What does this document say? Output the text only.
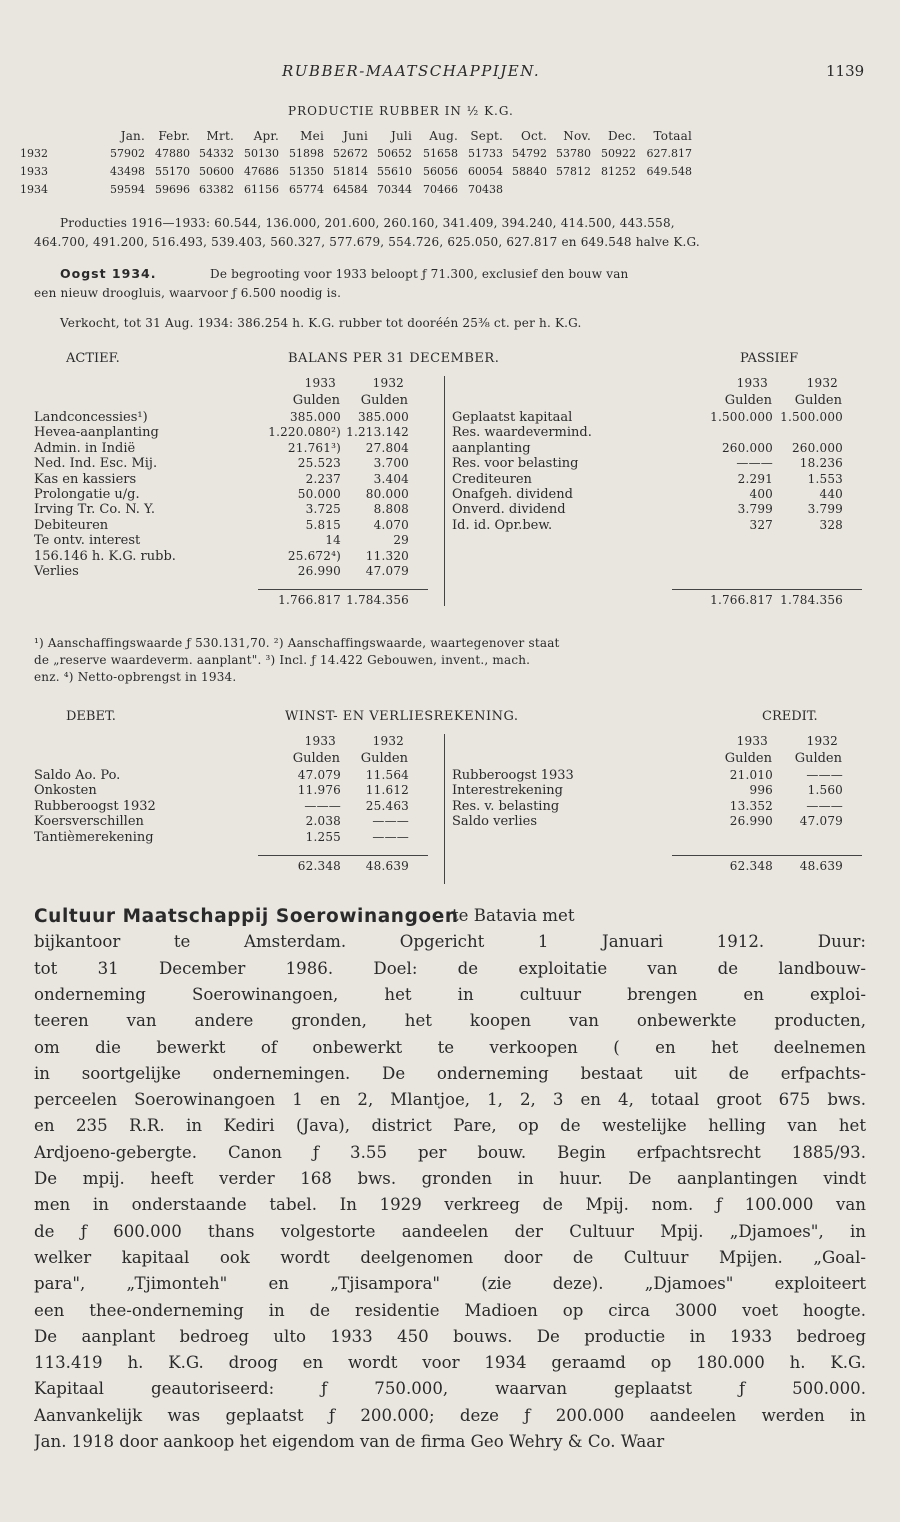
RUBBER-MAATSCHAPPIJEN.	1139
PRODUCTIE RUBBER IN ½ K.G.
Jan.	Febr.	Mrt.	Apr.	Mei	Juni	Juli	Aug.	Sept.	Oct.	Nov.	Dec.	Totaal
1932	57902 47880 54332 50130 51898 52672 50652	51658 51733 54792 53780 50922 627.817
1933	43498 55170 50600 47686 51350 51814 55610	56056 60054 58840 57812 81252 649.548
1934	59594 59696 63382 61156 65774 64584 70344	70466 70438
Producties 1916—1933: 60.544, 136.000, 201.600, 260.160, 341.409, 394.240, 414.500, 443.558,
464.700, 491.200, 516.493, 539.403, 560.327, 577.679, 554.726, 625.050, 627.817 en 649.548 halve K.G.
Oogst 1934.	De begrooting voor 1933 beloopt ƒ 71.300, exclusief den bouw van
een nieuw droogluis, waarvoor ƒ 6.500 noodig is.
Verkocht, tot 31 Aug. 1934: 386.254 h. K.G. rubber tot dooréén 25⅜ ct. per h. K.G.
ACTIEF.	BALANS PER 31 DECEMBER.	PASSIEF
1933	1932	1933	1932
Gulden	Gulden	Gulden	Gulden
Landconcessies¹)	385.000	385.000
Hevea-aanplanting	1.220.080²) 1.213.142
Admin. in Indië	21.761³)	27.804
Ned. Ind. Esc. Mij.	25.523	3.700
Kas en kassiers	2.237	3.404
Prolongatie u/g.	50.000	80.000
Irving Tr. Co. N. Y.	3.725	8.808
Debiteuren	5.815	4.070
Te ontv. interest	14	29
156.146 h. K.G. rubb.	25.672⁴)	11.320
Verlies	26.990	47.079
Geplaatst kapitaal	1.500.000 1.500.000
Res. waardevermind.
aanplanting	260.000	260.000
Res. voor belasting	———	18.236
Crediteuren	2.291	1.553
Onafgeh. dividend	400	440
Onverd. dividend	3.799	3.799
Id. id. Opr.bew.	327	328
1.766.817 1.784.356	1.766.817 1.784.356
¹) Aanschaffingswaarde ƒ 530.131,70. ²) Aanschaffingswaarde, waartegenover staat
de „reserve waardeverm. aanplant". ³) Incl. ƒ 14.422 Gebouwen, invent., mach.
enz. ⁴) Netto-opbrengst in 1934.
DEBET.	WINST- EN VERLIESREKENING.	CREDIT.
1933	1932	1933	1932
Gulden	Gulden	Gulden	Gulden
Saldo Ao. Po.	47.079	11.564
Onkosten	11.976	11.612
Rubberoogst 1932	———	25.463
Koersverschillen	2.038	———
Tantièmerekening	1.255	———
Rubberoogst 1933	21.010	———
Interestrekening	996	1.560
Res. v. belasting	13.352	———
Saldo verlies	26.990	47.079
62.348	48.639	62.348	48.639
Cultuur Maatschappij Soerowinangoen
te Batavia met
bijkantoor te Amsterdam. Opgericht 1 Januari 1912. Duur:
tot 31 December 1986. Doel: de exploitatie van de landbouw-
onderneming Soerowinangoen, het in cultuur brengen en exploi-
teeren van andere gronden, het koopen van onbewerkte producten,
om die bewerkt of onbewerkt te verkoopen ( en het deelnemen
in soortgelijke ondernemingen. De onderneming bestaat uit de erfpachts-
perceelen Soerowinangoen 1 en 2, Mlantjoe, 1, 2, 3 en 4, totaal groot 675 bws.
en 235 R.R. in Kediri (Java), district Pare, op de westelijke helling van het
Ardjoeno-gebergte. Canon ƒ 3.55 per bouw. Begin erfpachtsrecht 1885/93.
De mpij. heeft verder 168 bws. gronden in huur. De aanplantingen vindt
men in onderstaande tabel. In 1929 verkreeg de Mpij. nom. ƒ 100.000 van
de ƒ 600.000 thans volgestorte aandeelen der Cultuur Mpij. „Djamoes", in
welker kapitaal ook wordt deelgenomen door de Cultuur Mpijen. „Goal-
para", „Tjimonteh" en „Tjisampora" (zie deze). „Djamoes" exploiteert
een thee-onderneming in de residentie Madioen op circa 3000 voet hoogte.
De aanplant bedroeg ulto 1933 450 bouws. De productie in 1933 bedroeg
113.419 h. K.G. droog en wordt voor 1934 geraamd op 180.000 h. K.G.
Kapitaal geautoriseerd: ƒ 750.000, waarvan geplaatst ƒ 500.000.
Aanvankelijk was geplaatst ƒ 200.000; deze ƒ 200.000 aandeelen werden in
Jan. 1918 door aankoop het eigendom van de firma Geo Wehry & Co. Waar
